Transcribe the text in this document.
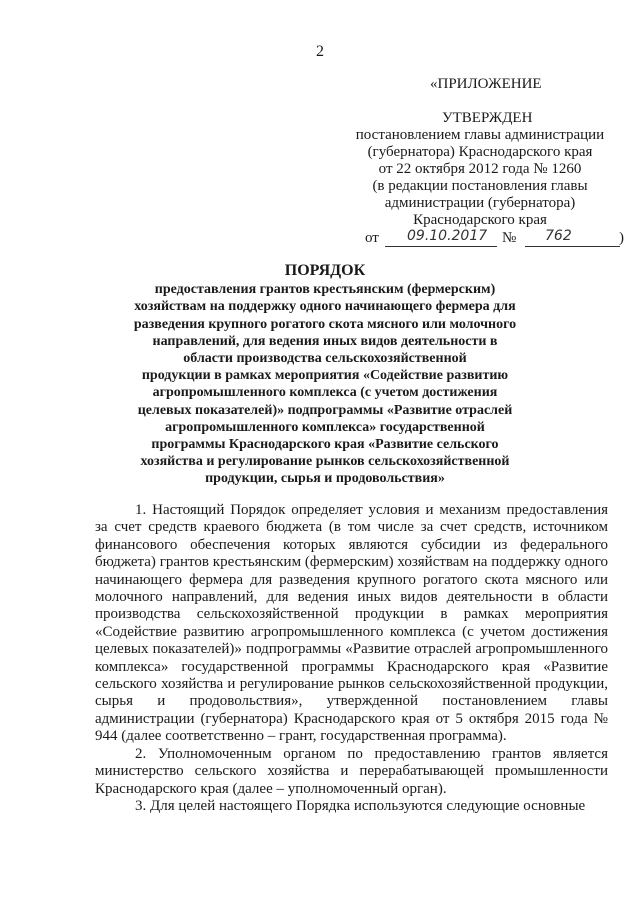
2
«ПРИЛОЖЕНИЕ
УТВЕРЖДЕН
постановлением главы администрации
(губернатора) Краснодарского края
от 22 октября 2012 года № 1260
(в редакции постановления главы
администрации (губернатора)
Краснодарского края
от 09.10.2017 № 762	)
ПОРЯДОК
предоставления грантов крестьянским (фермерским)
хозяйствам на поддержку одного начинающего фермера для
разведения крупного рогатого скота мясного или молочного
направлений, для ведения иных видов деятельности в
области производства сельскохозяйственной
продукции в рамках мероприятия «Содействие развитию
агропромышленного комплекса (с учетом достижения
целевых показателей)» подпрограммы «Развитие отраслей
агропромышленного комплекса» государственной
программы Краснодарского края «Развитие сельского
хозяйства и регулирование рынков сельскохозяйственной
продукции, сырья и продовольствия»

1. Настоящий Порядок определяет условия и механизм предоставления за счет средств краевого бюджета (в том числе за счет средств, источником финансового обеспечения которых являются субсидии из федерального бюджета) грантов крестьянским (фермерским) хозяйствам на поддержку одного начинающего фермера для разведения крупного рогатого скота мясного или молочного направлений, для ведения иных видов деятельности в области производства сельскохозяйственной продукции в рамках мероприятия «Содействие развитию агропромышленного комплекса (с учетом достижения целевых показателей)» подпрограммы «Развитие отраслей агропромышленного комплекса» государственной программы Краснодарского края «Развитие сельского хозяйства и регулирование рынков сельскохозяйственной продукции, сырья и продовольствия», утвержденной постановлением главы администрации (губернатора) Краснодарского края от 5 октября 2015 года № 944 (далее соответственно – грант, государственная программа).

2. Уполномоченным органом по предоставлению грантов является министерство сельского хозяйства и перерабатывающей промышленности Краснодарского края (далее – уполномоченный орган).

3. Для целей настоящего Порядка используются следующие основные
